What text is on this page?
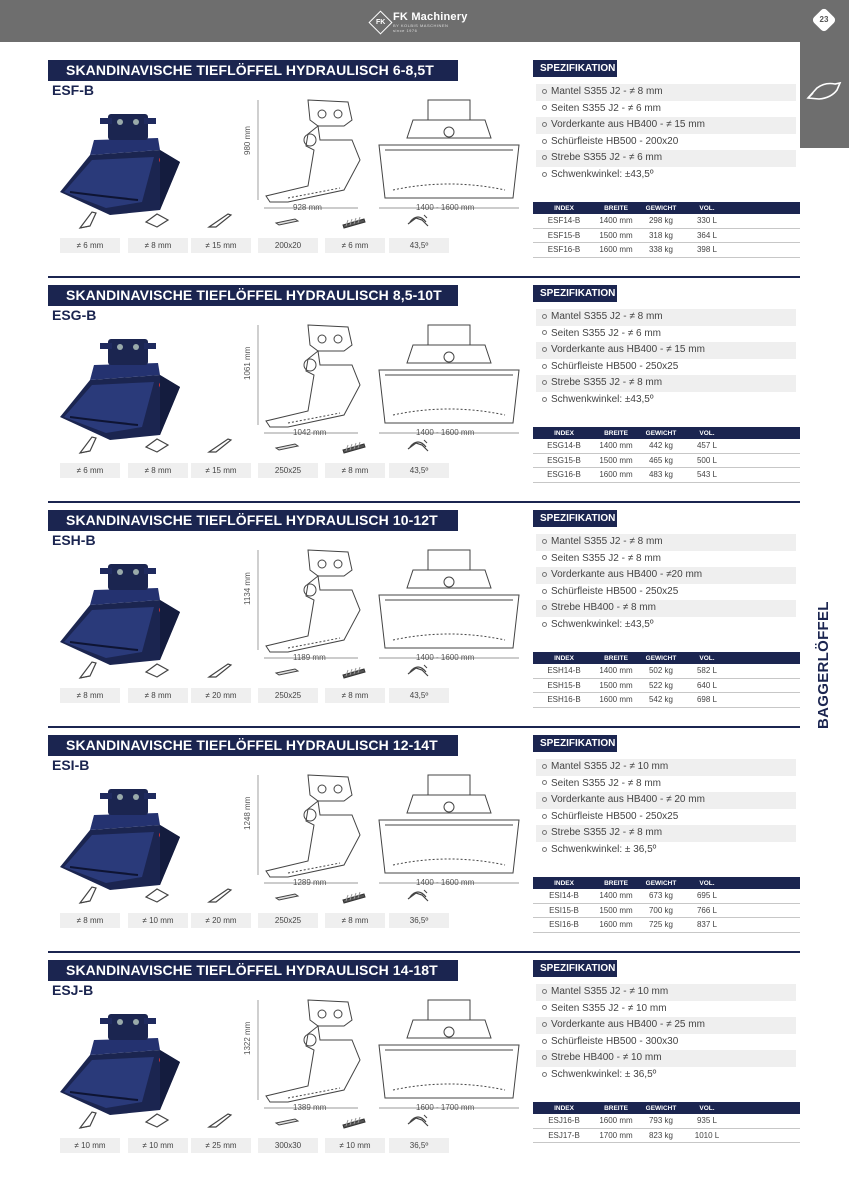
FK FK Machinery
BY KOLBIS MASCHINEN
since 1976
23
BAGGERLÖFFEL
SKANDINAVISCHE TIEFLÖFFEL HYDRAULISCH 6-8,5T
ESF-B
980 mm
928 mm	1400 - 1600 mm
SPEZIFIKATION
Mantel S355 J2 - ≠ 8 mm
Seiten S355 J2 - ≠ 6 mm
Vorderkante aus HB400 - ≠ 15 mm
Schürfleiste HB500 - 200x20
Strebe S355 J2 - ≠ 6 mm
Schwenkwinkel: ±43,5º
INDEX	BREITE	GEWICHT	VOL.
ESF14-B	1400 mm	298 kg	330 L
ESF15-B	1500 mm	318 kg	364 L
ESF16-B	1600 mm	338 kg	398 L
≠ 6 mm	≠ 8 mm	≠ 15 mm	200x20	≠ 6 mm	43,5º
SKANDINAVISCHE TIEFLÖFFEL HYDRAULISCH 8,5-10T
ESG-B
1061 mm
1042 mm	1400 - 1600 mm
SPEZIFIKATION
Mantel S355 J2 - ≠ 8 mm
Seiten S355 J2 - ≠ 6 mm
Vorderkante aus HB400 - ≠ 15 mm
Schürfleiste HB500 - 250x25
Strebe S355 J2 - ≠ 8 mm
Schwenkwinkel: ±43,5º
INDEX	BREITE	GEWICHT	VOL.
ESG14-B	1400 mm	442 kg	457 L
ESG15-B	1500 mm	465 kg	500 L
ESG16-B	1600 mm	483 kg	543 L
≠ 6 mm	≠ 8 mm	≠ 15 mm	250x25	≠ 8 mm	43,5º
SKANDINAVISCHE TIEFLÖFFEL HYDRAULISCH 10-12T
ESH-B
1134 mm
1189 mm	1400 - 1600 mm
SPEZIFIKATION
Mantel S355 J2 - ≠ 8 mm
Seiten S355 J2 - ≠ 8 mm
Vorderkante aus HB400 - ≠20 mm
Schürfleiste HB500 - 250x25
Strebe HB400 - ≠ 8 mm
Schwenkwinkel: ±43,5º
INDEX	BREITE	GEWICHT	VOL.
ESH14-B	1400 mm	502 kg	582 L
ESH15-B	1500 mm	522 kg	640 L
ESH16-B	1600 mm	542 kg	698 L
≠ 8 mm	≠ 8 mm	≠ 20 mm	250x25	≠ 8 mm	43,5º
SKANDINAVISCHE TIEFLÖFFEL HYDRAULISCH 12-14T
ESI-B
1248 mm
1289 mm	1400 - 1600 mm
SPEZIFIKATION
Mantel S355 J2 - ≠ 10 mm
Seiten S355 J2 - ≠ 8 mm
Vorderkante aus HB400 - ≠ 20 mm
Schürfleiste HB500 - 250x25
Strebe S355 J2 - ≠ 8 mm
Schwenkwinkel: ± 36,5º
INDEX	BREITE	GEWICHT	VOL.
ESI14-B	1400 mm	673 kg	695 L
ESI15-B	1500 mm	700 kg	766 L
ESI16-B	1600 mm	725 kg	837 L
≠ 8 mm	≠ 10 mm	≠ 20 mm	250x25	≠ 8 mm	36,5º
SKANDINAVISCHE TIEFLÖFFEL HYDRAULISCH 14-18T
ESJ-B
1322 mm
1389 mm	1600 - 1700 mm
SPEZIFIKATION
Mantel S355 J2 - ≠ 10 mm
Seiten S355 J2 - ≠ 10 mm
Vorderkante aus HB400 - ≠ 25 mm
Schürfleiste HB500 - 300x30
Strebe HB400 - ≠ 10 mm
Schwenkwinkel: ± 36,5º
INDEX	BREITE	GEWICHT	VOL.
ESJ16-B	1600 mm	793 kg	935 L
ESJ17-B	1700 mm	823 kg	1010 L
≠ 10 mm	≠ 10 mm	≠ 25 mm	300x30	≠ 10 mm	36,5º
